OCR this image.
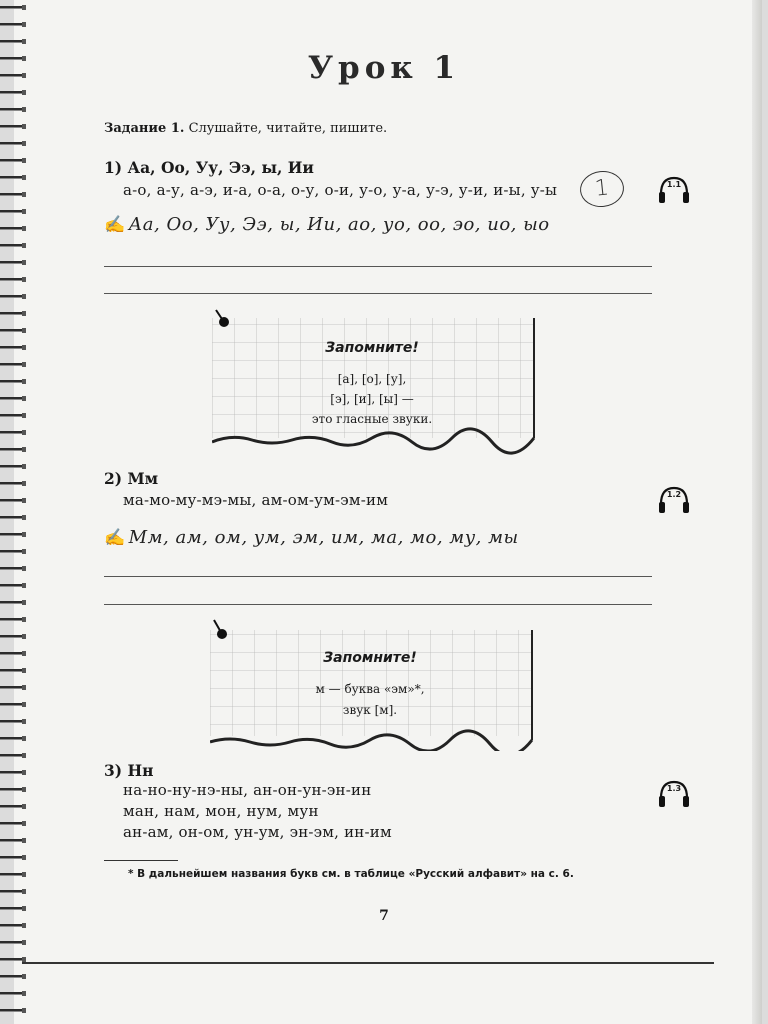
Урок 1
Задание 1. Слушайте, читайте, пишите.
1) Аа, Оо, Уу, Ээ, ы, Ии
а-о, а-у, а-э, и-а, о-а, о-у, о-и, у-о, у-а, у-э, у-и, и-ы, у-ы	1	1.1
✍ Аа, Оо, Уу, Ээ, ы, Ии, ао, уо, оо, эо, ио, ыо
Запомните!
[а], [о], [у],
[э], [и], [ы] —
это гласные звуки.
2) Мм
ма-мо-му-мэ-мы, ам-ом-ум-эм-им	1.2
✍ Мм, ам, ом, ум, эм, им, ма, мо, му, мы
Запомните!
м — буква «эм»*,
звук [м].
3) Нн
на-но-ну-нэ-ны, ан-он-ун-эн-ин
ман, нам, мон, нум, мун
ан-ам, он-ом, ун-ум, эн-эм, ин-им
1.3
* В дальнейшем названия букв см. в таблице «Русский алфавит» на с. 6.
7
